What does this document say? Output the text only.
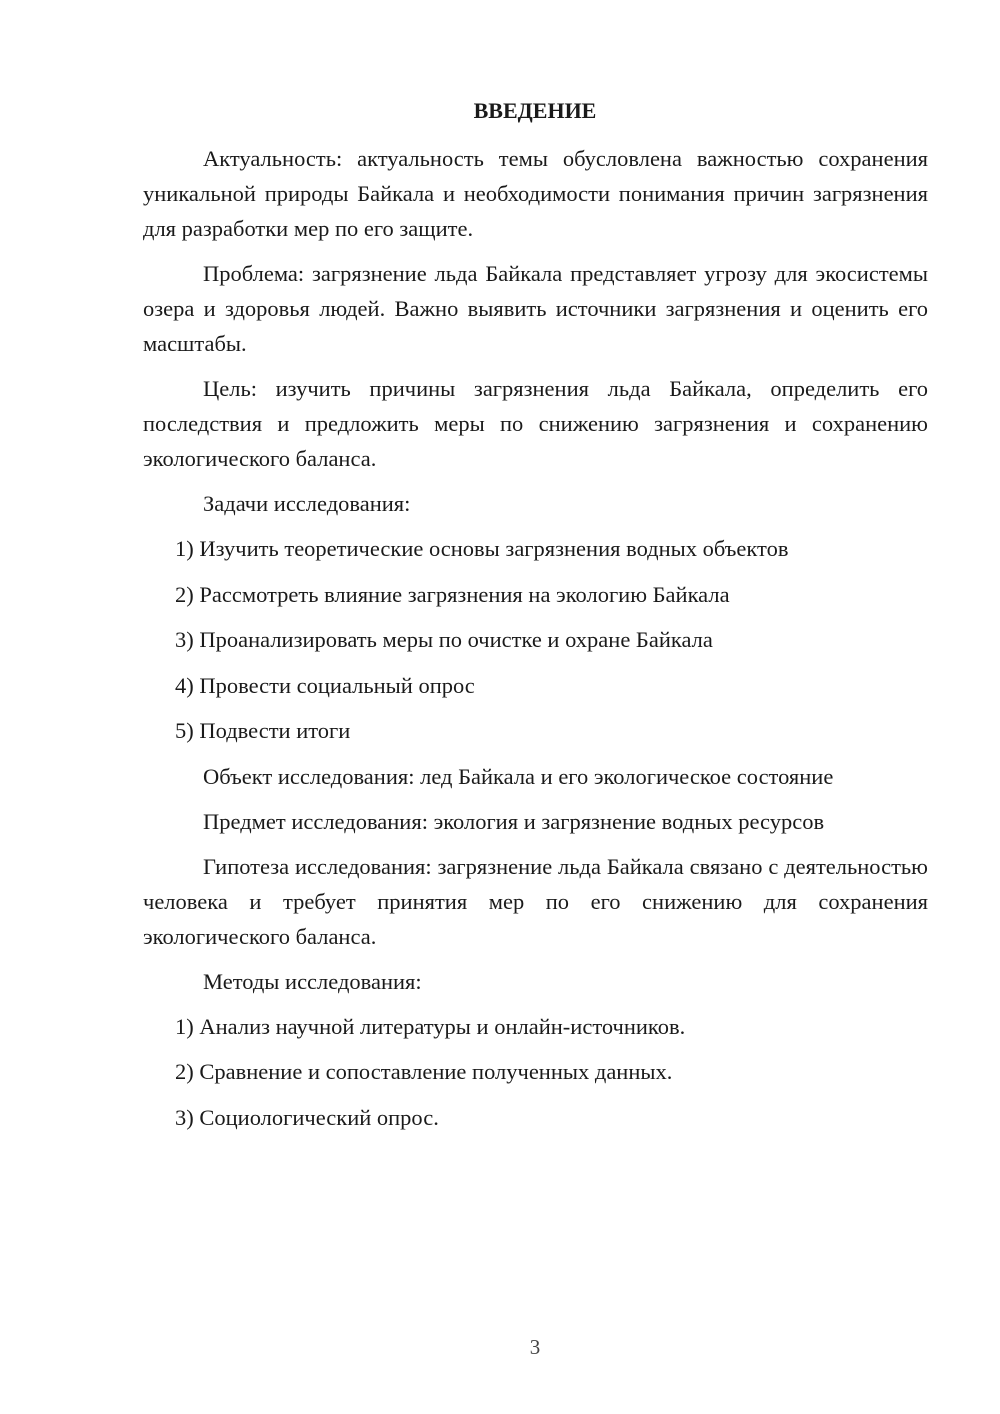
ВВЕДЕНИЕ

Актуальность: актуальность темы обусловлена важностью сохранения уникальной природы Байкала и необходимости понимания причин загрязнения для разработки мер по его защите.

Проблема: загрязнение льда Байкала представляет угрозу для экосистемы озера и здоровья людей. Важно выявить источники загрязнения и оценить его масштабы.

Цель: изучить причины загрязнения льда Байкала, определить его последствия и предложить меры по снижению загрязнения и сохранению экологического баланса.

Задачи исследования:

1) Изучить теоретические основы загрязнения водных объектов

2) Рассмотреть влияние загрязнения на экологию Байкала

3) Проанализировать меры по очистке и охране Байкала

4) Провести социальный опрос

5) Подвести итоги

Объект исследования: лед Байкала и его экологическое состояние

Предмет исследования: экология и загрязнение водных ресурсов

Гипотеза исследования: загрязнение льда Байкала связано с деятельностью человека и требует принятия мер по его снижению для сохранения экологического баланса.

Методы исследования:

1) Анализ научной литературы и онлайн-источников.

2) Сравнение и сопоставление полученных данных.

3) Социологический опрос.

3
